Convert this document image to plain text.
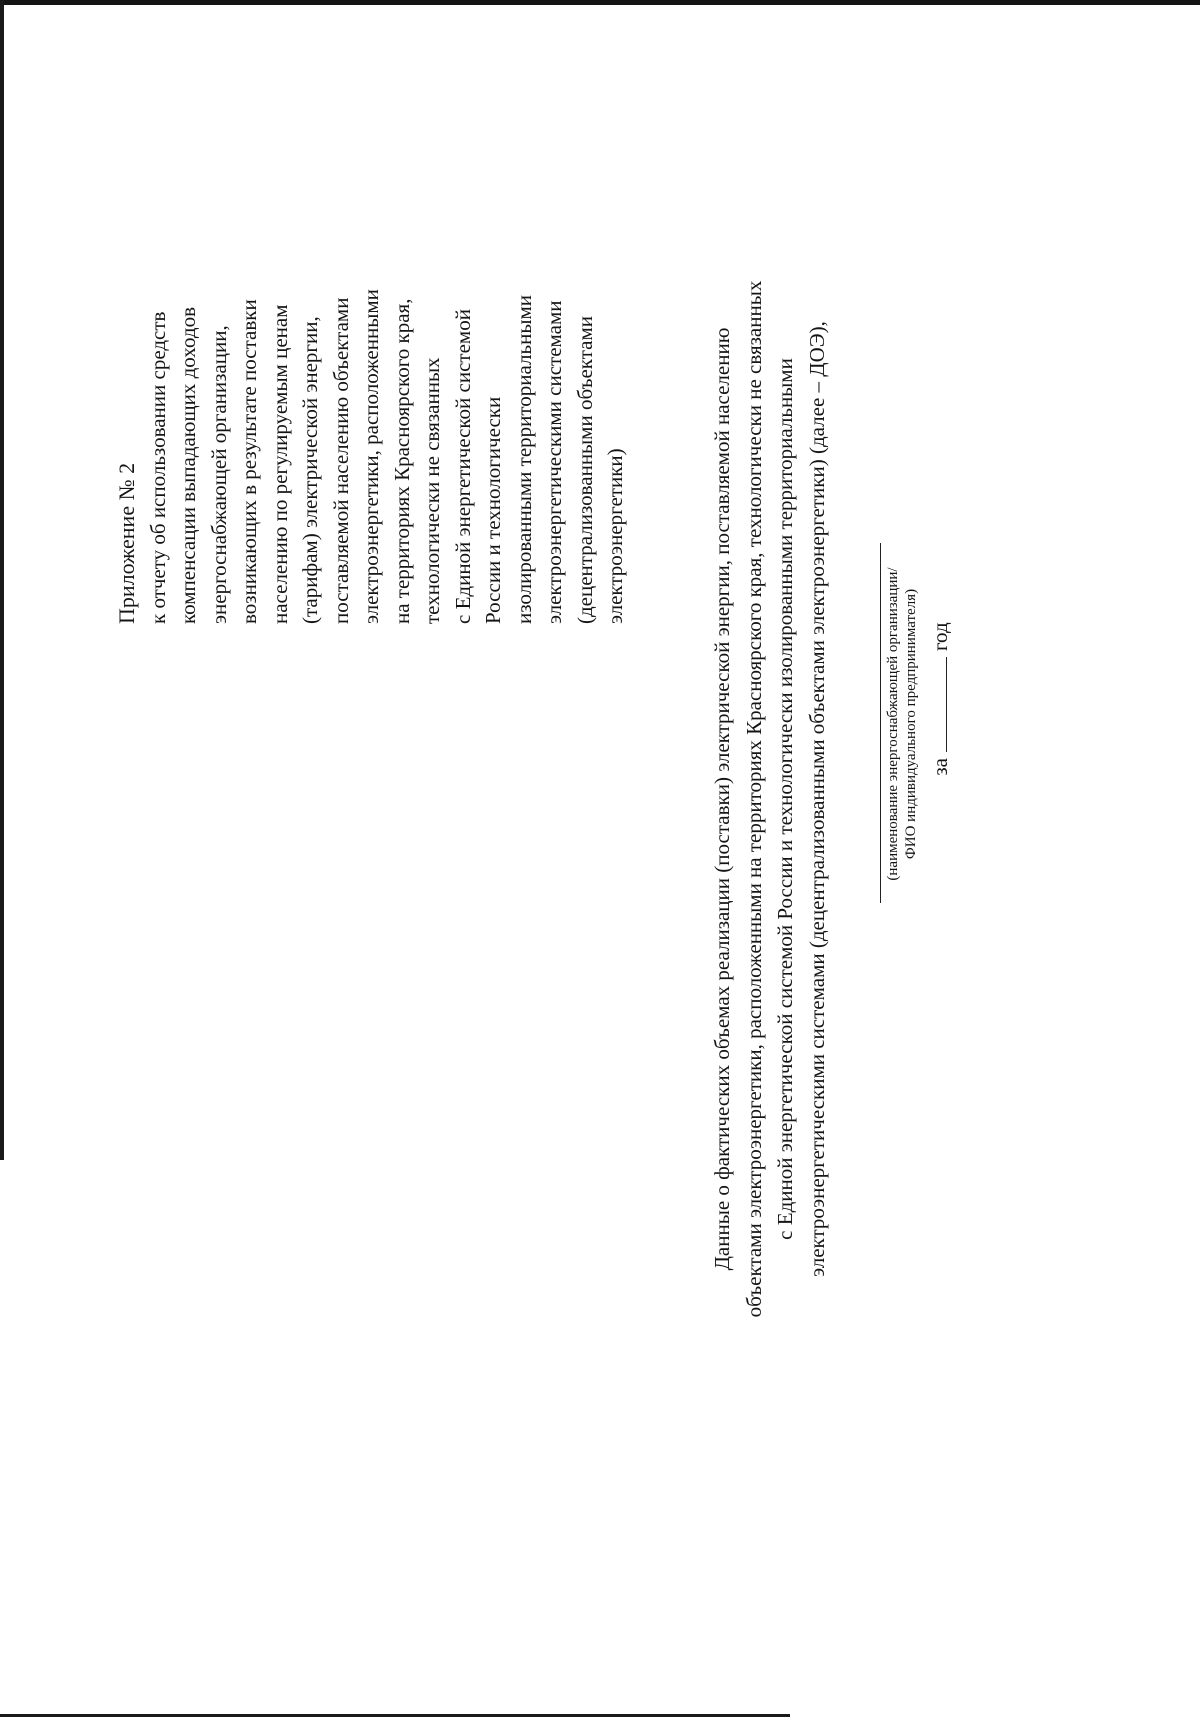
Приложение № 2 к отчету об использовании средств компенсации выпадающих доходов энергоснабжающей организации, возникающих в результате поставки населению по регулируемым ценам (тарифам) электрической энергии, поставляемой населению объектами электроэнергетики, расположенными на территориях Красноярского края, технологически не связанных с Единой энергетической системой России и технологически изолированными территориальными электроэнергетическими системами (децентрализованными объектами электроэнергетики)	Данные о фактических объемах реализации (поставки) электрической энергии, поставляемой населению объектами электроэнергетики, расположенными на территориях Красноярского края, технологически не связанных с Единой энергетической системой России и технологически изолированными территориальными электроэнергетическими системами (децентрализованными объектами электроэнергетики) (далее – ДОЭ),	(наименование энергоснабжающей организации/ ФИО индивидуального предпринимателя) загод
